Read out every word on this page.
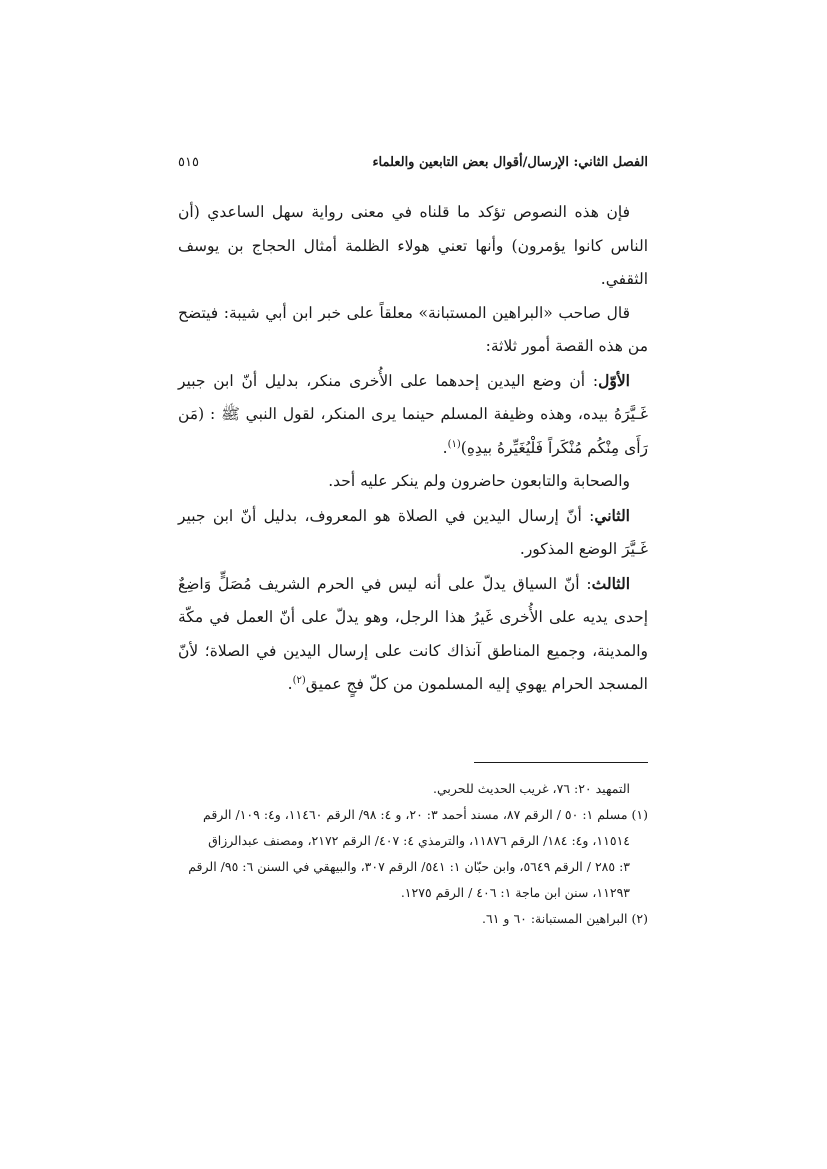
الفصل الثاني: الإرسال/أقوال بعض التابعين والعلماء
٥١٥

فإن هذه النصوص تؤكد ما قلناه في معنى رواية سهل الساعدي (أن الناس كانوا يؤمرون) وأنها تعني هولاء الظلمة أمثال الحجاج بن يوسف الثقفي.

قال صاحب «البراهين المستبانة» معلقاً على خبر ابن أبي شيبة: فيتضح من هذه القصة أمور ثلاثة:

الأوّل: أن وضع اليدين إحدهما على الأُخرى منكر، بدليل أنّ ابن جبير غَـيَّرَهُ بيده، وهذه وظيفة المسلم حينما يرى المنكر، لقول النبي ﷺ : (مَن رَأَى مِنْكُم مُنْكَراً فَلْيُغَيِّرهُ بيدِهِ)$^{(١)}$.

والصحابة والتابعون حاضرون ولم ينكر عليه أحد.

الثاني: أنّ إرسال اليدين في الصلاة هو المعروف، بدليل أنّ ابن جبير غَـيَّرَ الوضع المذكور.

الثالث: أنّ السياق يدلّ على أنه ليس في الحرم الشريف مُصَلٍّ وَاضِعٌ إحدى يديه على الأُخرى غَيرُ هذا الرجل، وهو يدلّ على أنّ العمل في مكّة والمدينة، وجميع المناطق آنذاك كانت على إرسال اليدين في الصلاة؛ لأنّ المسجد الحرام يهوي إليه المسلمون من كلّ فجٍ عميق$^{(٢)}$.

التمهيد ٢٠: ٧٦، غريب الحديث للحربي.

(١) مسلم ١: ٥٠ / الرقم ٨٧، مسند أحمد ٣: ٢٠، و ٤: ٩٨/ الرقم ١١٤٦٠، و٤: ١٠٩/ الرقم

١١٥١٤، و٤: ١٨٤/ الرقم ١١٨٧٦، والترمذي ٤: ٤٠٧/ الرقم ٢١٧٢، ومصنف عبدالرزاق

٣: ٢٨٥ / الرقم ٥٦٤٩، وابن حبّان ١: ٥٤١/ الرقم ٣٠٧، والبيهقي في السنن ٦: ٩٥/ الرقم

١١٢٩٣، سنن ابن ماجة ١: ٤٠٦ / الرقم ١٢٧٥.

(٢) البراهين المستبانة: ٦٠ و ٦١.
